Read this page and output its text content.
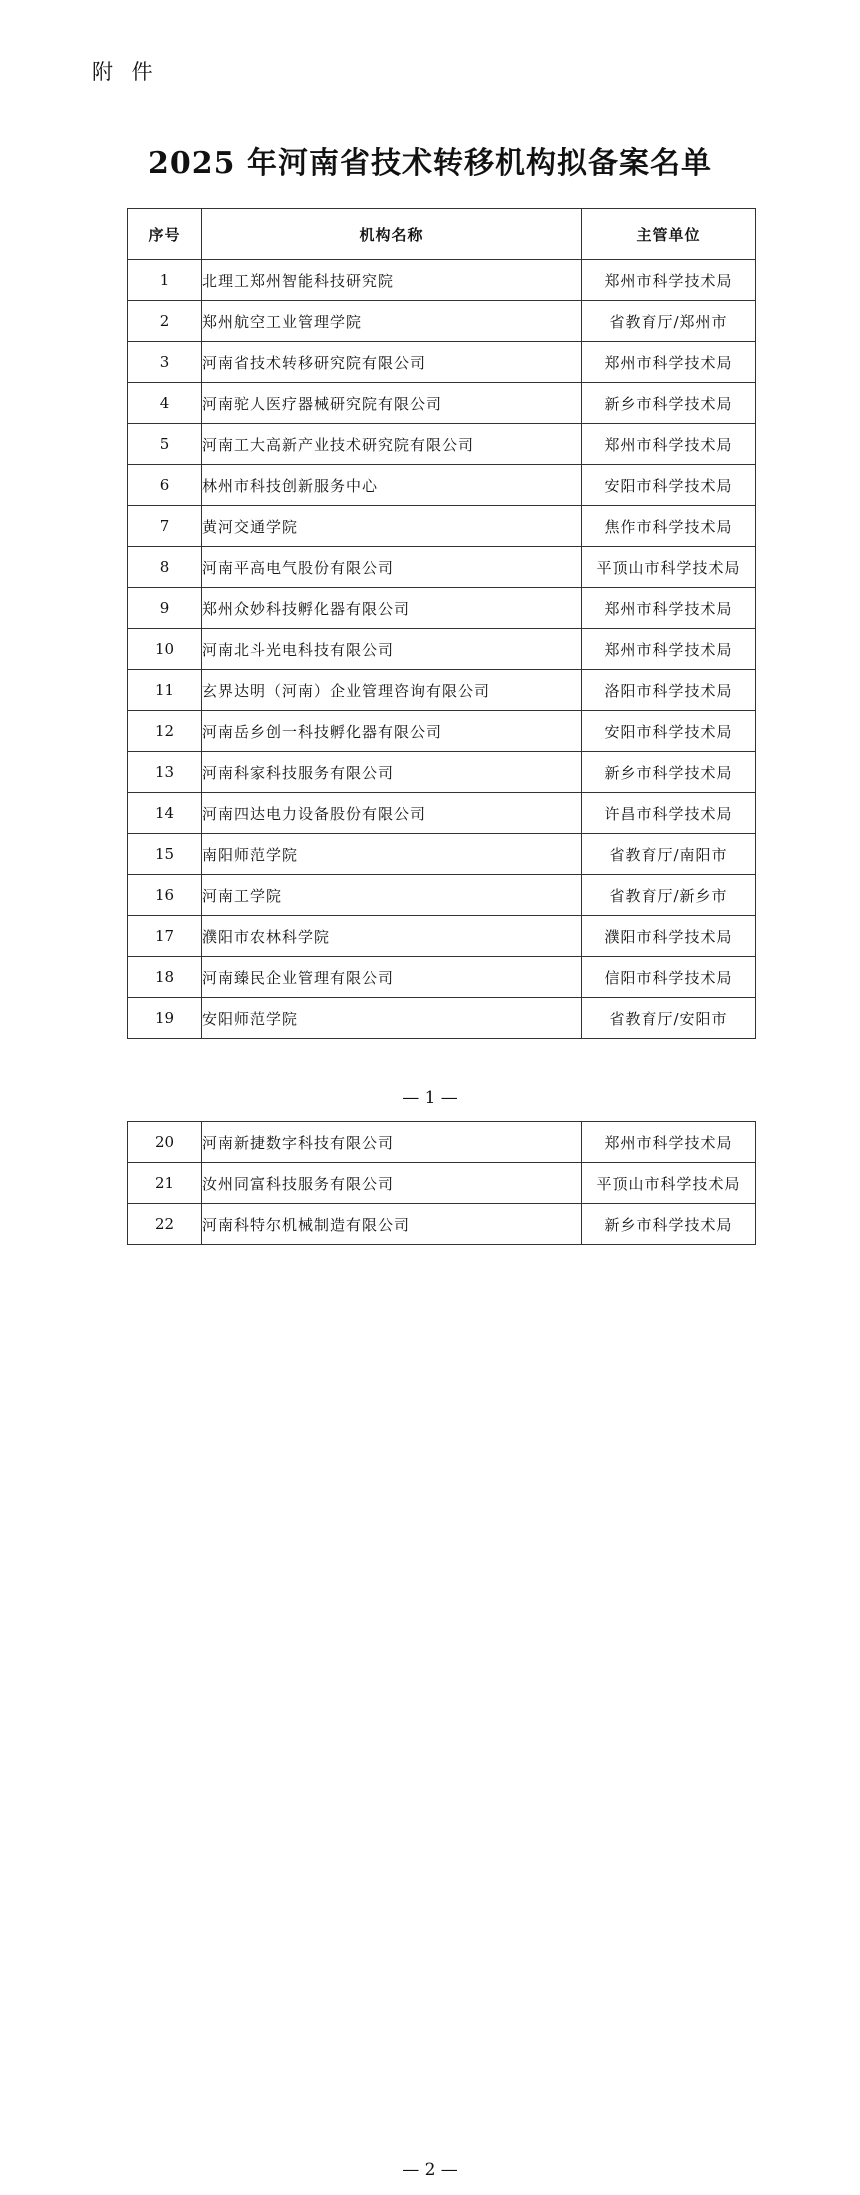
附 件
2025 年河南省技术转移机构拟备案名单
序号	机构名称	主管单位
1	北理工郑州智能科技研究院	郑州市科学技术局
2	郑州航空工业管理学院	省教育厅/郑州市
3	河南省技术转移研究院有限公司	郑州市科学技术局
4	河南驼人医疗器械研究院有限公司	新乡市科学技术局
5	河南工大高新产业技术研究院有限公司	郑州市科学技术局
6	林州市科技创新服务中心	安阳市科学技术局
7	黄河交通学院	焦作市科学技术局
8	河南平高电气股份有限公司	平顶山市科学技术局
9	郑州众妙科技孵化器有限公司	郑州市科学技术局
10	河南北斗光电科技有限公司	郑州市科学技术局
11	玄界达明（河南）企业管理咨询有限公司	洛阳市科学技术局
12	河南岳乡创一科技孵化器有限公司	安阳市科学技术局
13	河南科家科技服务有限公司	新乡市科学技术局
14	河南四达电力设备股份有限公司	许昌市科学技术局
15	南阳师范学院	省教育厅/南阳市
16	河南工学院	省教育厅/新乡市
17	濮阳市农林科学院	濮阳市科学技术局
18	河南臻民企业管理有限公司	信阳市科学技术局
19	安阳师范学院	省教育厅/安阳市
— 1 —
20	河南新捷数字科技有限公司	郑州市科学技术局
21	汝州同富科技服务有限公司	平顶山市科学技术局
22	河南科特尔机械制造有限公司	新乡市科学技术局
— 2 —
